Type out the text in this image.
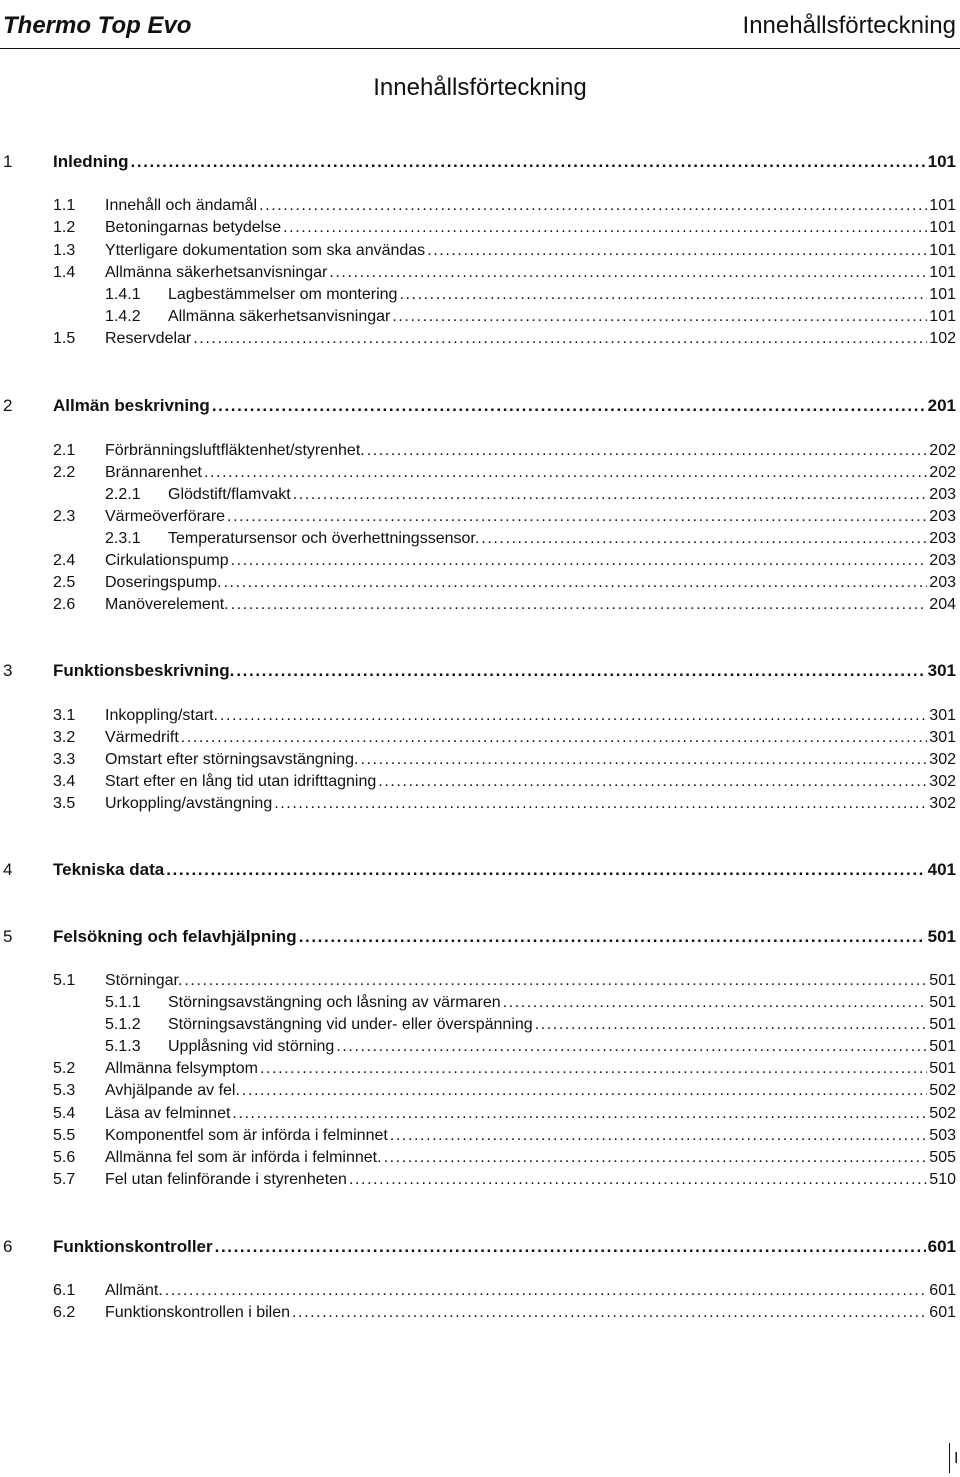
Thermo Top Evo	Innehållsförteckning
Innehållsförteckning
1 Inledning .....	101
1.1 Innehåll och ändamål .....	101
1.2 Betoningarnas betydelse .....	101
1.3 Ytterligare dokumentation som ska användas .....	101
1.4 Allmänna säkerhetsanvisningar .....	101
1.4.1 Lagbestämmelser om montering .....	101
1.4.2 Allmänna säkerhetsanvisningar .....	101
1.5 Reservdelar .....	102
2 Allmän beskrivning .....	201
2.1 Förbränningsluftfläktenhet/styrenhet. .....	202
2.2 Brännarenhet .....	202
2.2.1 Glödstift/flamvakt .....	203
2.3 Värmeöverförare .....	203
2.3.1 Temperatursensor och överhettningssensor. .....	203
2.4 Cirkulationspump .....	203
2.5 Doseringspump. .....	203
2.6 Manöverelement. .....	204
3 Funktionsbeskrivning. .....	301
3.1 Inkoppling/start. .....	301
3.2 Värmedrift .....	301
3.3 Omstart efter störningsavstängning. .....	302
3.4 Start efter en lång tid utan idrifttagning .....	302
3.5 Urkoppling/avstängning .....	302
4 Tekniska data .....	401
5 Felsökning och felavhjälpning .....	501
5.1 Störningar. .....	501
5.1.1 Störningsavstängning och låsning av värmaren .....	501
5.1.2 Störningsavstängning vid under- eller överspänning .....	501
5.1.3 Upplåsning vid störning .....	501
5.2 Allmänna felsymptom .....	501
5.3 Avhjälpande av fel. .....	502
5.4 Läsa av felminnet .....	502
5.5 Komponentfel som är införda i felminnet .....	503
5.6 Allmänna fel som är införda i felminnet. .....	505
5.7 Fel utan felinförande i styrenheten .....	510
6 Funktionskontroller .....	601
6.1 Allmänt. .....	601
6.2 Funktionskontrollen i bilen .....	601
I
